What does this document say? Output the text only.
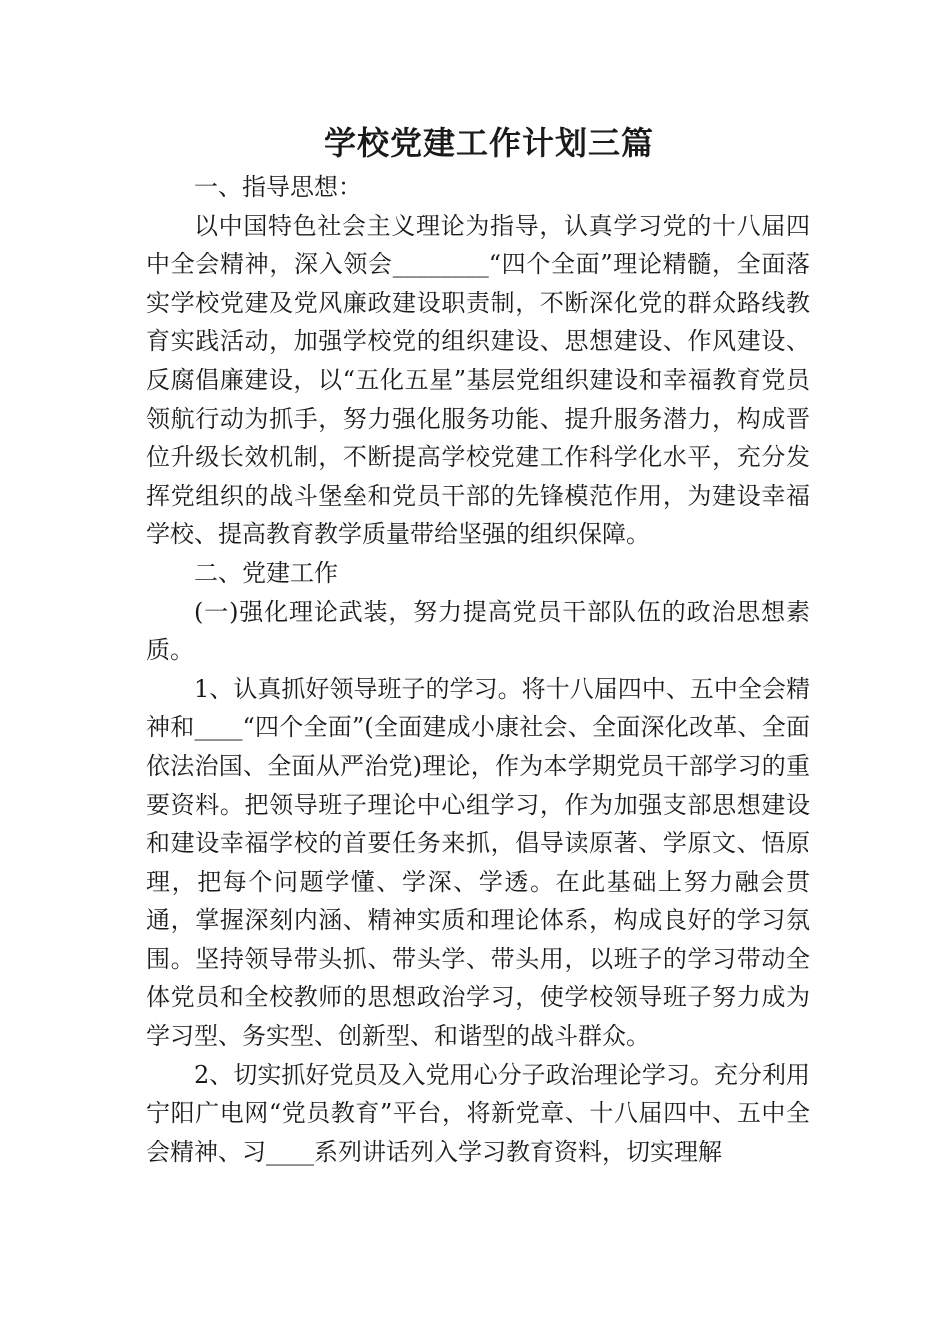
学校党建工作计划三篇

一、指导思想：

以中国特色社会主义理论为指导，认真学习党的十八届四中全会精神，深入领会________“四个全面”理论精髓，全面落实学校党建及党风廉政建设职责制，不断深化党的群众路线教育实践活动，加强学校党的组织建设、思想建设、作风建设、反腐倡廉建设，以“五化五星”基层党组织建设和幸福教育党员领航行动为抓手，努力强化服务功能、提升服务潜力，构成晋位升级长效机制，不断提高学校党建工作科学化水平，充分发挥党组织的战斗堡垒和党员干部的先锋模范作用，为建设幸福学校、提高教育教学质量带给坚强的组织保障。

二、党建工作

(一)强化理论武装，努力提高党员干部队伍的政治思想素质。

1、认真抓好领导班子的学习。将十八届四中、五中全会精神和____“四个全面”(全面建成小康社会、全面深化改革、全面依法治国、全面从严治党)理论，作为本学期党员干部学习的重要资料。把领导班子理论中心组学习，作为加强支部思想建设和建设幸福学校的首要任务来抓，倡导读原著、学原文、悟原理，把每个问题学懂、学深、学透。在此基础上努力融会贯通，掌握深刻内涵、精神实质和理论体系，构成良好的学习氛围。坚持领导带头抓、带头学、带头用，以班子的学习带动全体党员和全校教师的思想政治学习，使学校领导班子努力成为学习型、务实型、创新型、和谐型的战斗群众。

2、切实抓好党员及入党用心分子政治理论学习。充分利用宁阳广电网“党员教育”平台，将新党章、十八届四中、五中全会精神、习____系列讲话列入学习教育资料，切实理解
